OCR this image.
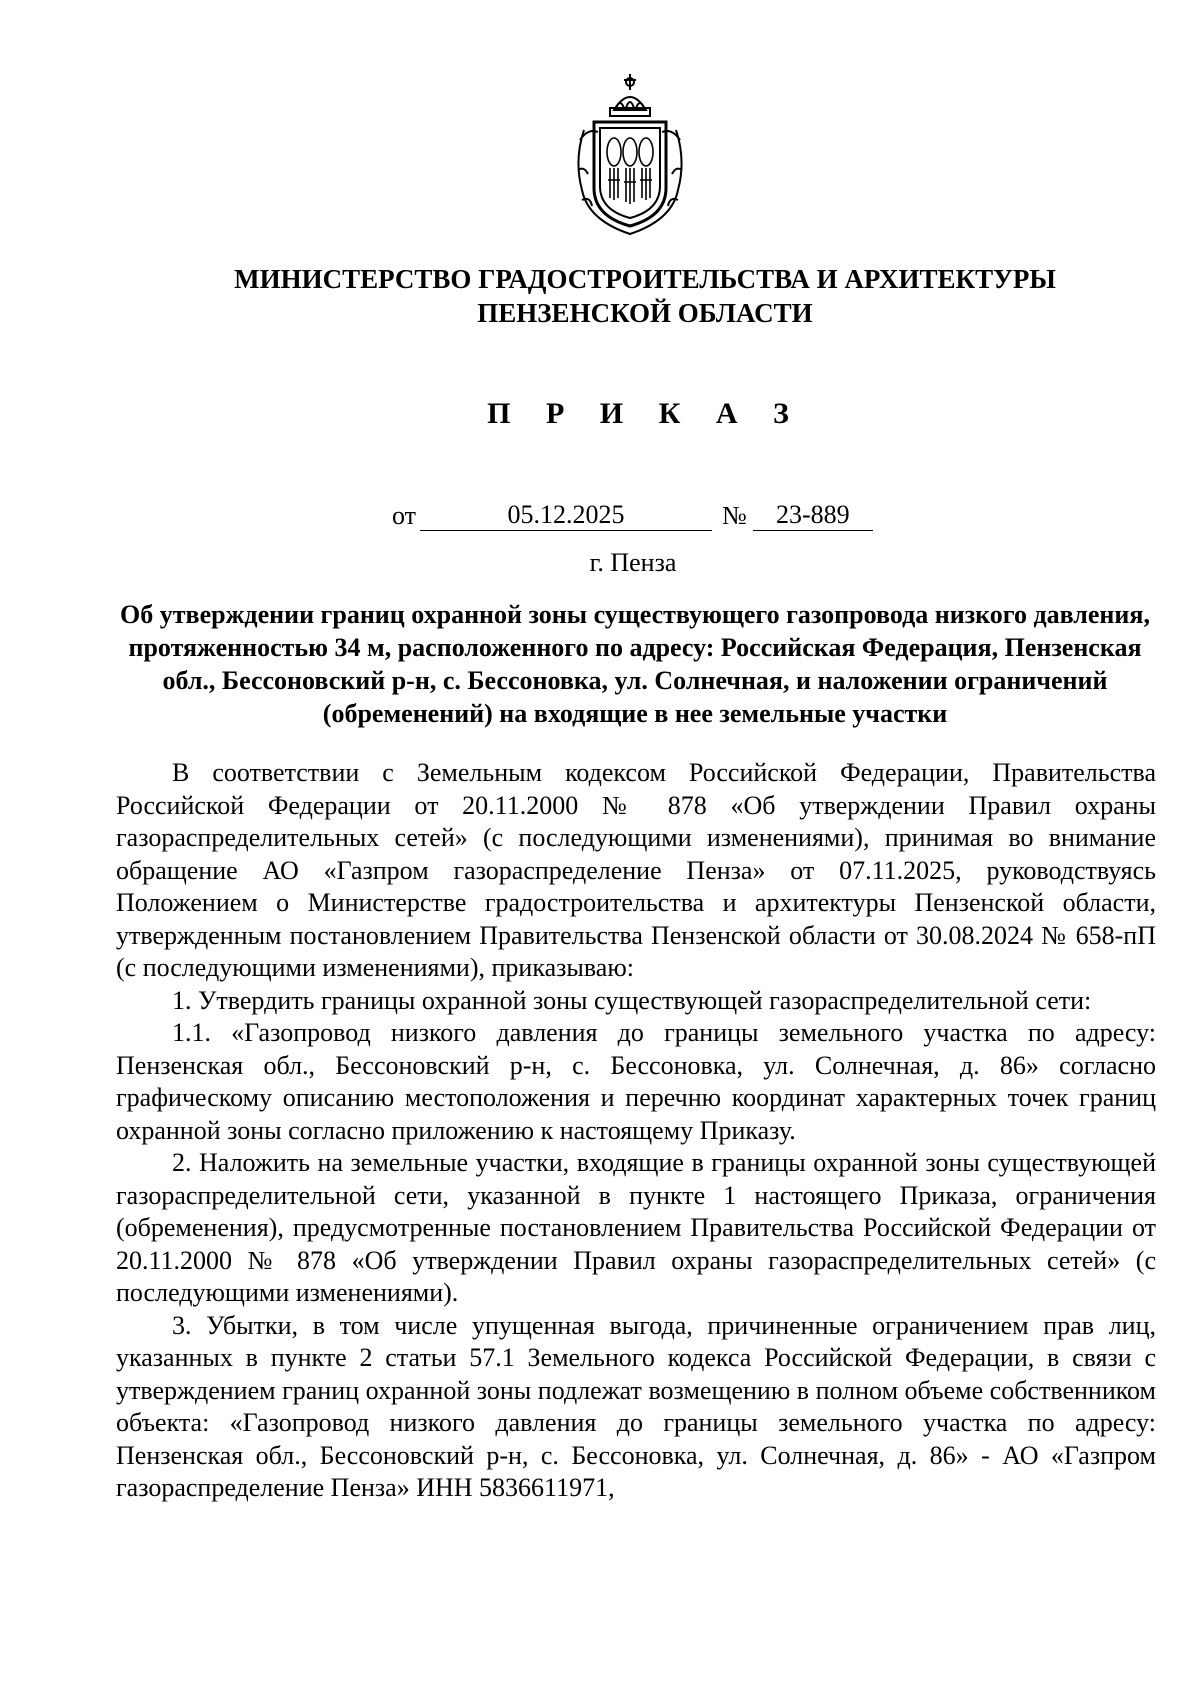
МИНИСТЕРСТВО ГРАДОСТРОИТЕЛЬСТВА И АРХИТЕКТУРЫ
ПЕНЗЕНСКОЙ ОБЛАСТИ
П Р И К А З
от	05.12.2025	№	23-889
г. Пенза
Об утверждении границ охранной зоны существующего газопровода низкого давления, протяженностью 34 м, расположенного по адресу: Российская Федерация, Пензенская обл., Бессоновский р-н, с. Бессоновка, ул. Солнечная, и наложении ограничений (обременений) на входящие в нее земельные участки

В соответствии с Земельным кодексом Российской Федерации, Правительства Российской Федерации от 20.11.2000 № 878 «Об утверждении Правил охраны газораспределительных сетей» (с последующими изменениями), принимая во внимание обращение АО «Газпром газораспределение Пенза» от 07.11.2025, руководствуясь Положением о Министерстве градостроительства и архитектуры Пензенской области, утвержденным постановлением Правительства Пензенской области от 30.08.2024 № 658-пП (с последующими изменениями), приказываю:

1. Утвердить границы охранной зоны существующей газораспределительной сети:

1.1. «Газопровод низкого давления до границы земельного участка по адресу: Пензенская обл., Бессоновский р-н, с. Бессоновка, ул. Солнечная, д. 86» согласно графическому описанию местоположения и перечню координат характерных точек границ охранной зоны согласно приложению к настоящему Приказу.

2. Наложить на земельные участки, входящие в границы охранной зоны существующей газораспределительной сети, указанной в пункте 1 настоящего Приказа, ограничения (обременения), предусмотренные постановлением Правительства Российской Федерации от 20.11.2000 № 878 «Об утверждении Правил охраны газораспределительных сетей» (с последующими изменениями).

3. Убытки, в том числе упущенная выгода, причиненные ограничением прав лиц, указанных в пункте 2 статьи 57.1 Земельного кодекса Российской Федерации, в связи с утверждением границ охранной зоны подлежат возмещению в полном объеме собственником объекта: «Газопровод низкого давления до границы земельного участка по адресу: Пензенская обл., Бессоновский р-н, с. Бессоновка, ул. Солнечная, д. 86» - АО «Газпром газораспределение Пенза» ИНН 5836611971,
